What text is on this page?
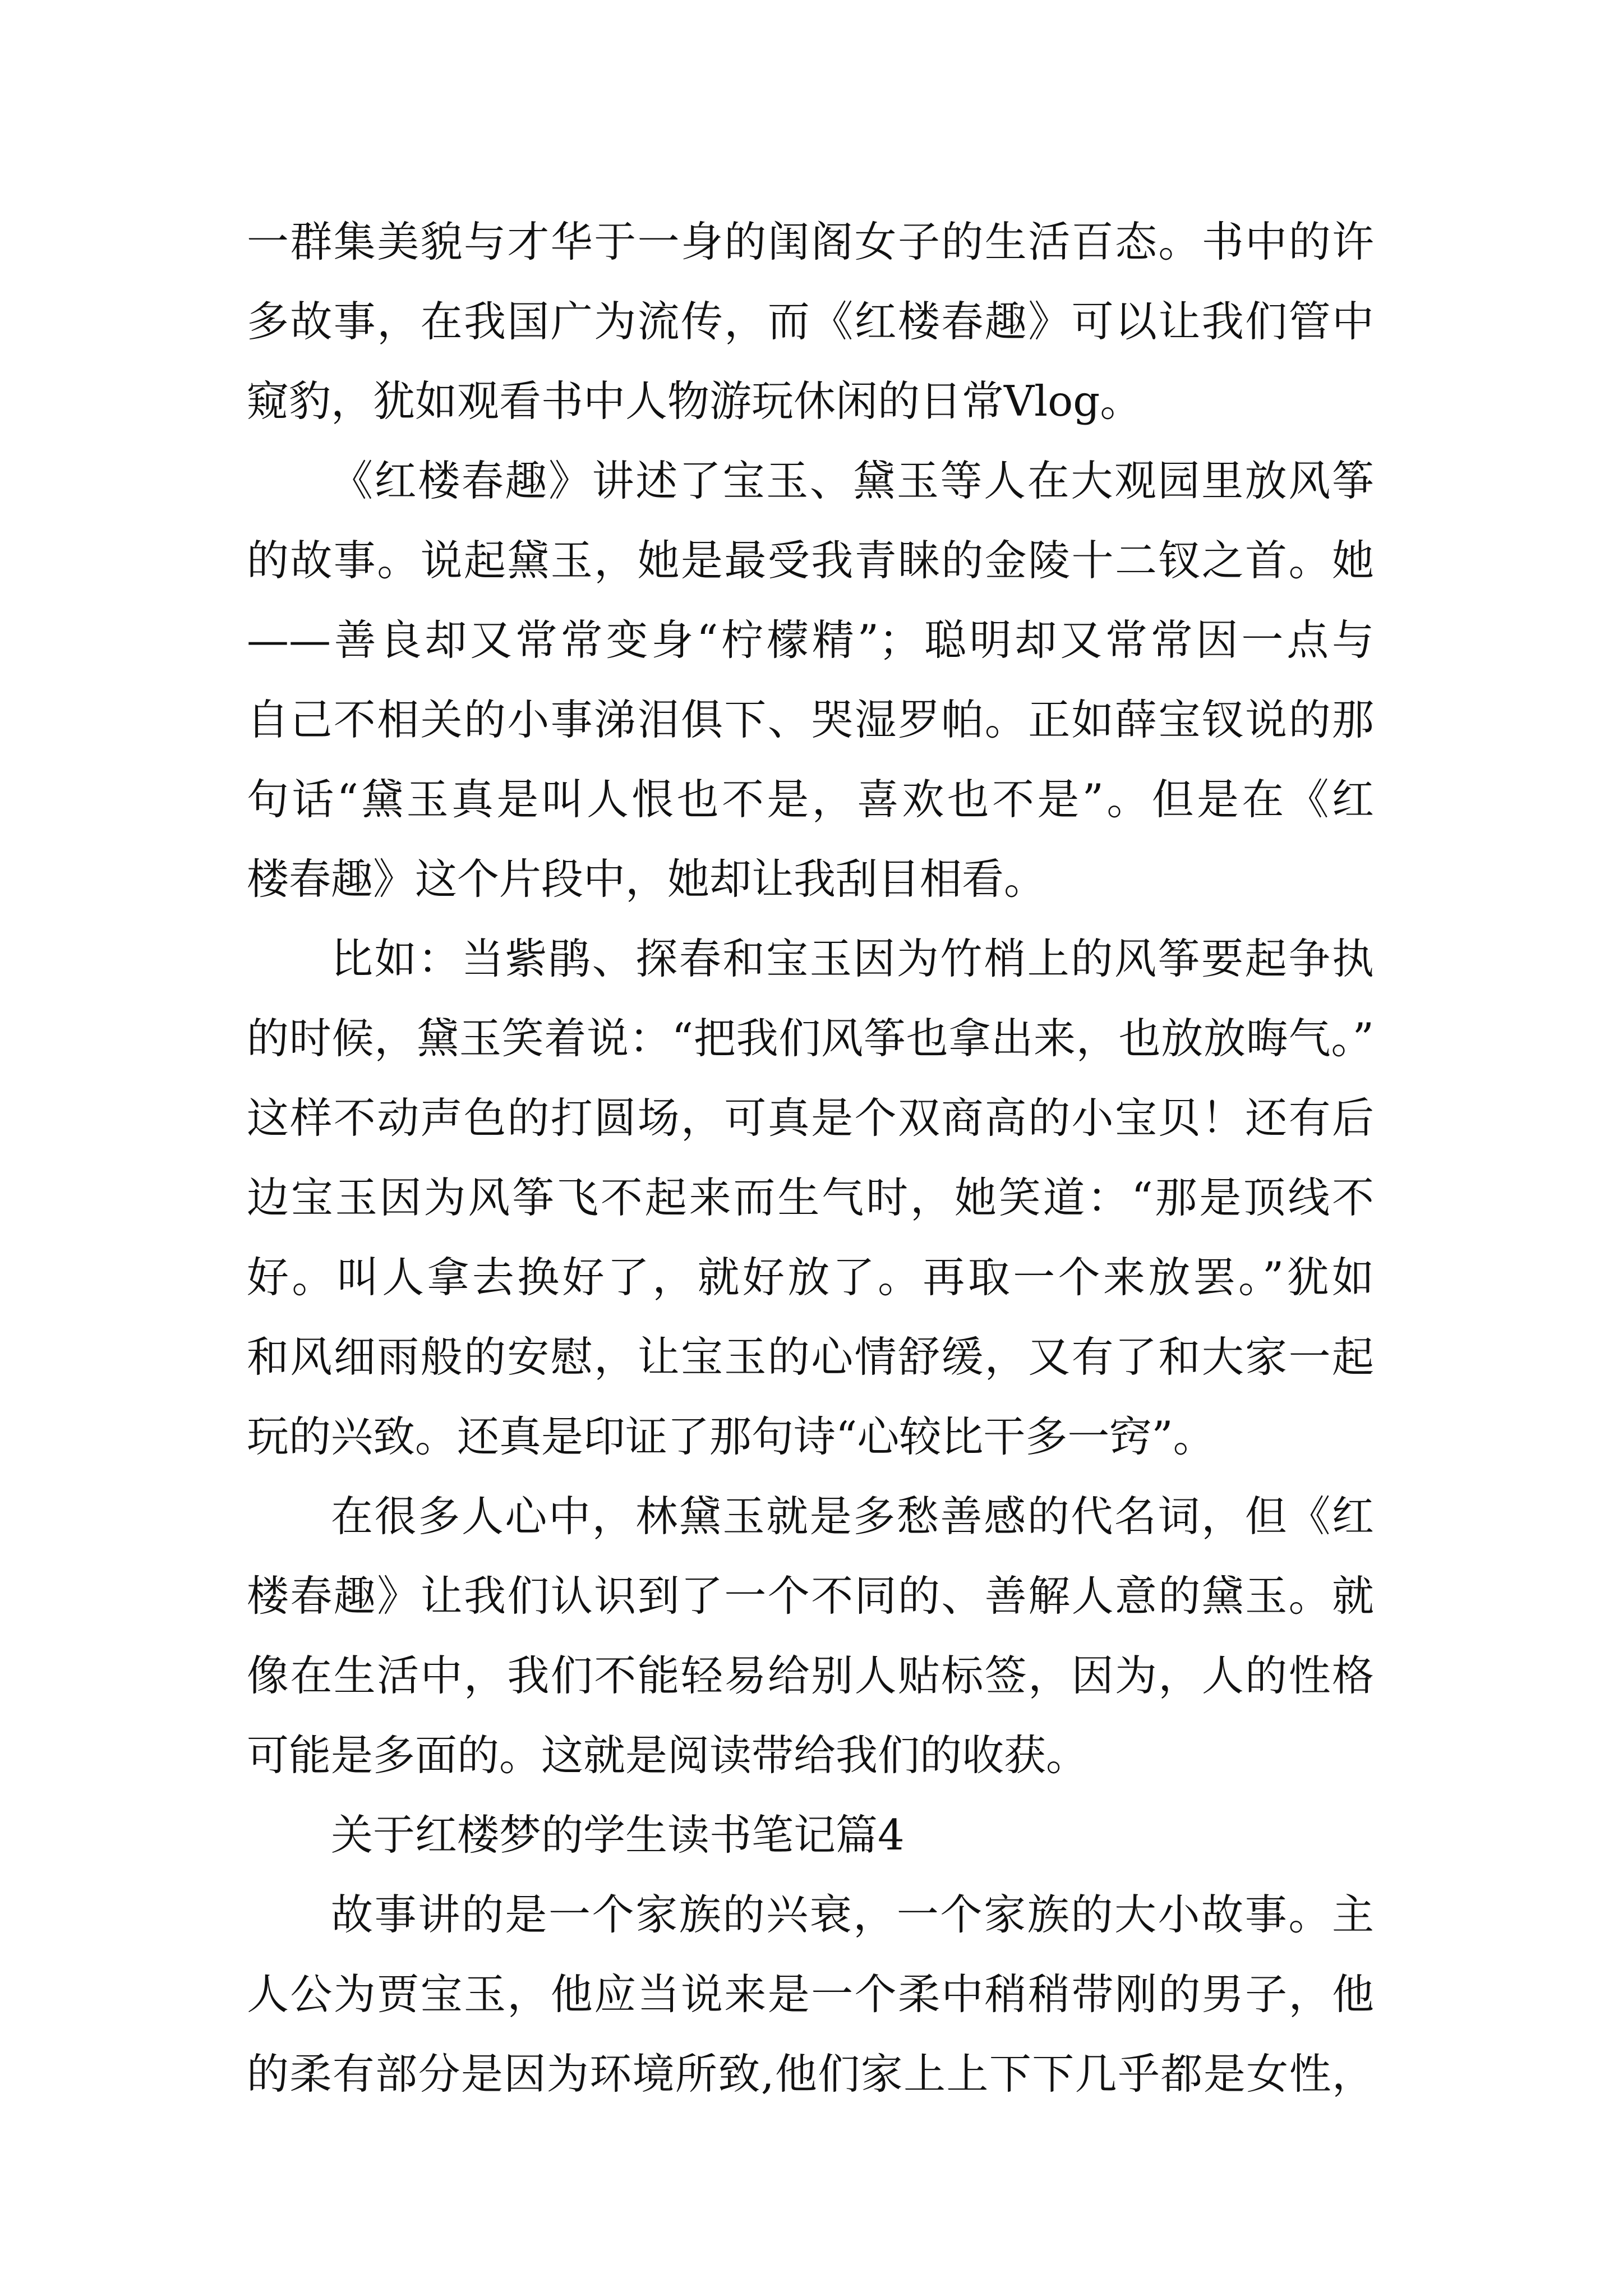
一群集美貌与才华于一身的闺阁女子的生活百态。书中的许
多故事，在我国广为流传，而《红楼春趣》可以让我们管中
窥豹，犹如观看书中人物游玩休闲的日常Vlog。
《红楼春趣》讲述了宝玉、黛玉等人在大观园里放风筝
的故事。说起黛玉，她是最受我青睐的金陵十二钗之首。她
——善良却又常常变身“柠檬精”；聪明却又常常因一点与
自己不相关的小事涕泪俱下、哭湿罗帕。正如薛宝钗说的那
句话“黛玉真是叫人恨也不是，喜欢也不是”。但是在《红
楼春趣》这个片段中，她却让我刮目相看。
比如：当紫鹃、探春和宝玉因为竹梢上的风筝要起争执
的时候，黛玉笑着说：“把我们风筝也拿出来，也放放晦气。”
这样不动声色的打圆场，可真是个双商高的小宝贝！还有后
边宝玉因为风筝飞不起来而生气时，她笑道：“那是顶线不
好。叫人拿去换好了，就好放了。再取一个来放罢。”犹如
和风细雨般的安慰，让宝玉的心情舒缓，又有了和大家一起
玩的兴致。还真是印证了那句诗“心较比干多一窍”。
在很多人心中，林黛玉就是多愁善感的代名词，但《红
楼春趣》让我们认识到了一个不同的、善解人意的黛玉。就
像在生活中，我们不能轻易给别人贴标签，因为，人的性格
可能是多面的。这就是阅读带给我们的收获。
关于红楼梦的学生读书笔记篇4
故事讲的是一个家族的兴衰，一个家族的大小故事。主
人公为贾宝玉，他应当说来是一个柔中稍稍带刚的男子，他
的柔有部分是因为环境所致,他们家上上下下几乎都是女性，
